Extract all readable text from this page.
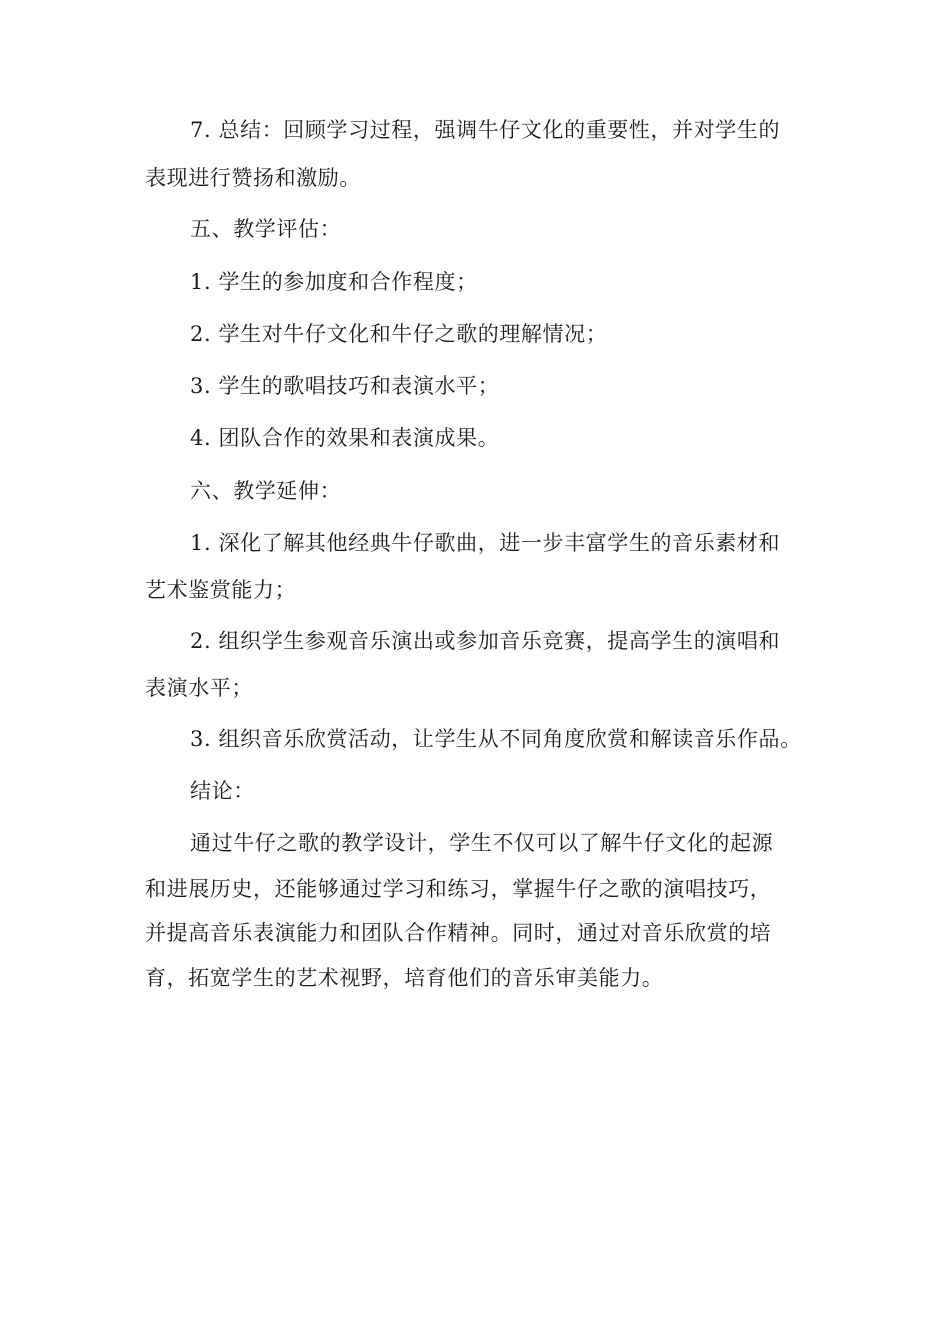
7. 总结：回顾学习过程，强调牛仔文化的重要性，并对学生的
表现进行赞扬和激励。
五、教学评估：
1. 学生的参加度和合作程度；
2. 学生对牛仔文化和牛仔之歌的理解情况；
3. 学生的歌唱技巧和表演水平；
4. 团队合作的效果和表演成果。
六、教学延伸：
1. 深化了解其他经典牛仔歌曲，进一步丰富学生的音乐素材和
艺术鉴赏能力；
2. 组织学生参观音乐演出或参加音乐竞赛，提高学生的演唱和
表演水平；
3. 组织音乐欣赏活动，让学生从不同角度欣赏和解读音乐作品。
结论：
通过牛仔之歌的教学设计，学生不仅可以了解牛仔文化的起源
和进展历史，还能够通过学习和练习，掌握牛仔之歌的演唱技巧，
并提高音乐表演能力和团队合作精神。同时，通过对音乐欣赏的培
育，拓宽学生的艺术视野，培育他们的音乐审美能力。
